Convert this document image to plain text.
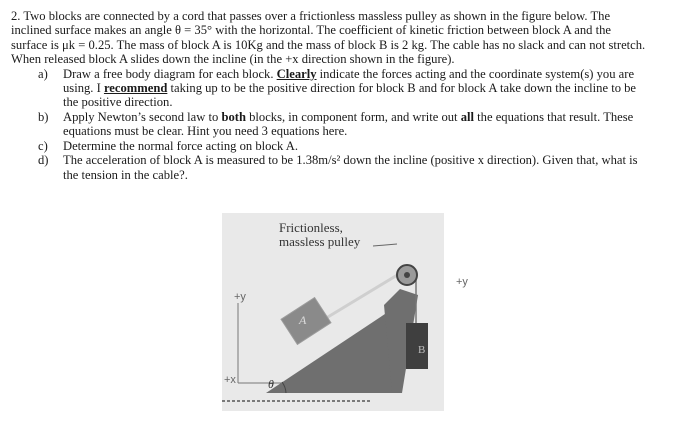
2. Two blocks are connected by a cord that passes over a frictionless massless pulley as shown in the figure below. The
inclined surface makes an angle θ = 35° with the horizontal. The coefficient of kinetic friction between block A and the
surface is μk = 0.25. The mass of block A is 10Kg and the mass of block B is 2 kg. The cable has no slack and can not stretch.
When released block A slides down the incline (in the +x direction shown in the figure).
a) Draw a free body diagram for each block. Clearly indicate the forces acting and the coordinate system(s) you are
using. I recommend taking up to be the positive direction for block B and for block A take down the incline to be
the positive direction.
b) Apply Newton’s second law to both blocks, in component form, and write out all the equations that result. These
equations must be clear. Hint you need 3 equations here.
c) Determine the normal force acting on block A.
d) The acceleration of block A is measured to be 1.38m/s² down the incline (positive x direction). Given that, what is
the tension in the cable?.
Frictionless,
massless pulley
A
B
+y
+x
+y
θ
